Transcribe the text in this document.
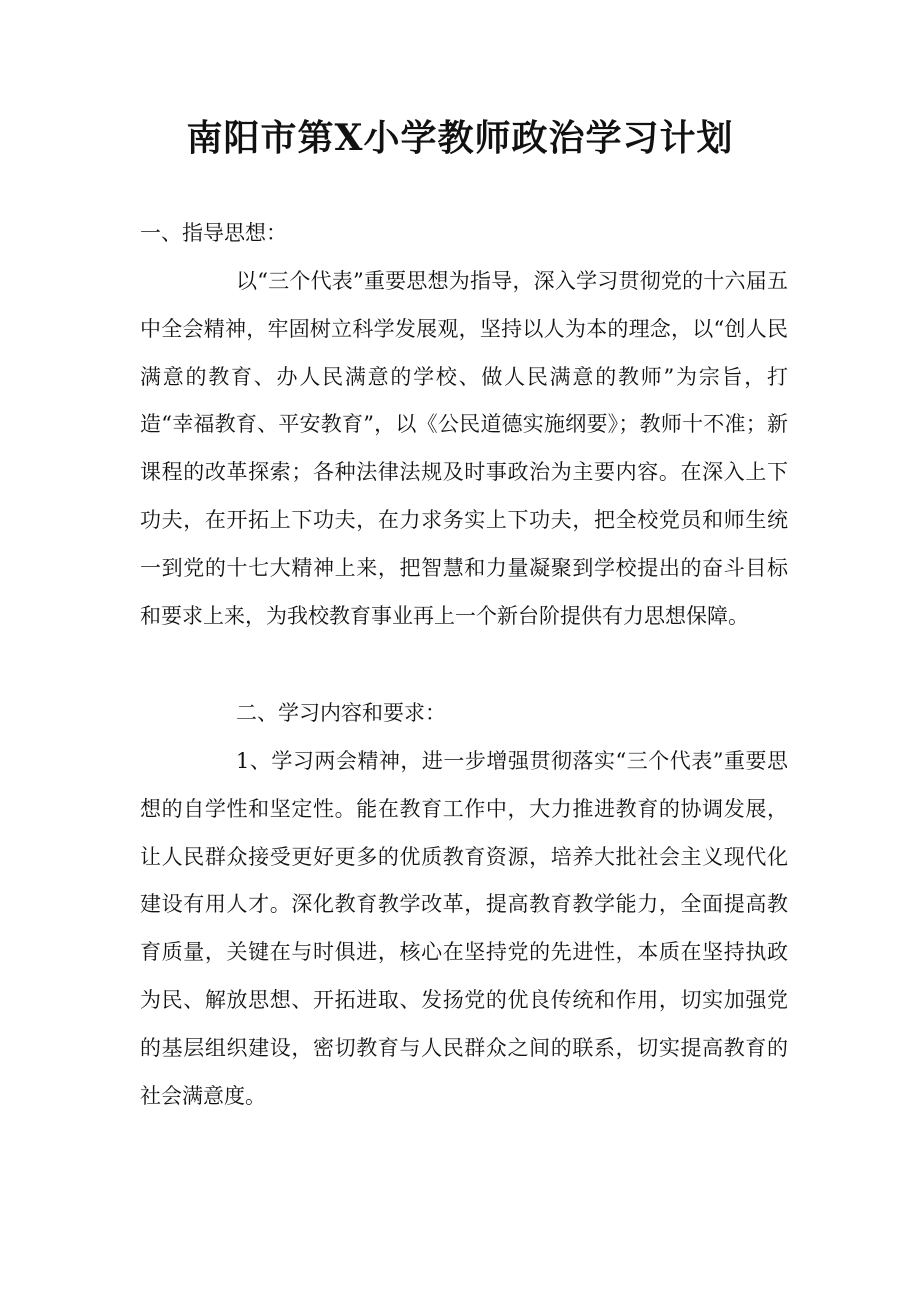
南阳市第X小学教师政治学习计划

一、指导思想：

以“三个代表”重要思想为指导，深入学习贯彻党的十六届五中全会精神，牢固树立科学发展观，坚持以人为本的理念，以“创人民满意的教育、办人民满意的学校、做人民满意的教师”为宗旨，打造“幸福教育、平安教育”，以《公民道德实施纲要》；教师十不准；新课程的改革探索；各种法律法规及时事政治为主要内容。在深入上下功夫，在开拓上下功夫，在力求务实上下功夫，把全校党员和师生统一到党的十七大精神上来，把智慧和力量凝聚到学校提出的奋斗目标和要求上来，为我校教育事业再上一个新台阶提供有力思想保障。

二、学习内容和要求：

1、学习两会精神，进一步增强贯彻落实“三个代表”重要思想的自学性和坚定性。能在教育工作中，大力推进教育的协调发展，让人民群众接受更好更多的优质教育资源，培养大批社会主义现代化建设有用人才。深化教育教学改革，提高教育教学能力，全面提高教育质量，关键在与时俱进，核心在坚持党的先进性，本质在坚持执政为民、解放思想、开拓进取、发扬党的优良传统和作用，切实加强党的基层组织建设，密切教育与人民群众之间的联系，切实提高教育的社会满意度。
